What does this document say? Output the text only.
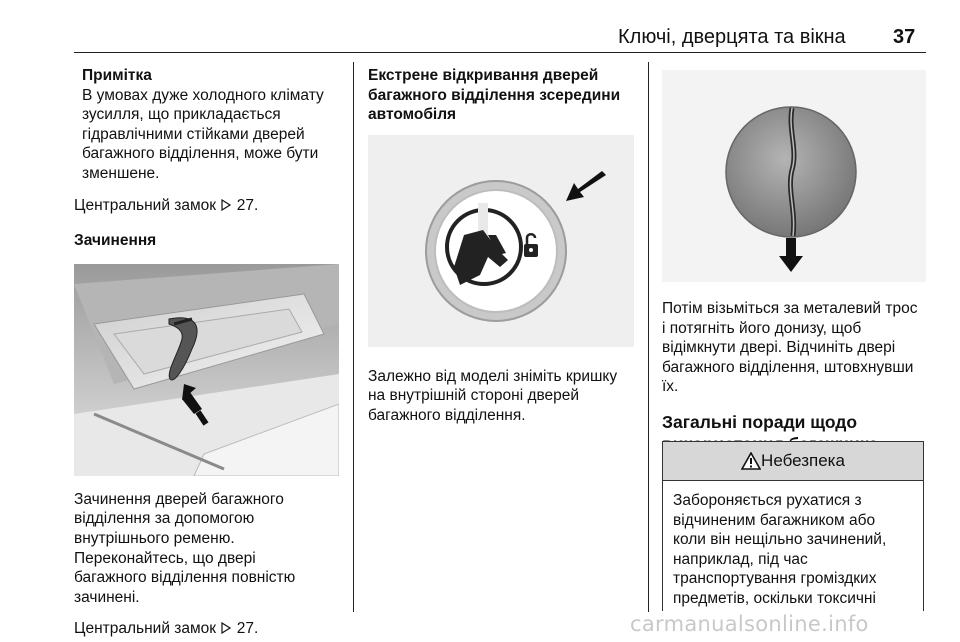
Ключі, дверцята та вікна 37
Примітка

В умовах дуже холодного клімату

зусилля, що прикладається

гідравлічними стійками дверей

багажного відділення, може бути

зменшене.

Центральний замок 27.

Зачинення

Зачинення дверей багажного

відділення за допомогою

внутрішнього ременю.

Переконайтесь, що двері

багажного відділення повністю

зачинені.

Центральний замок 27.

Екстрене відкривання дверей

багажного відділення зсередини

автомобіля

Залежно від моделі зніміть кришку

на внутрішній стороні дверей

багажного відділення.

Потім візьміться за металевий трос

і потягніть його донизу, щоб

відімкнути двері. Відчиніть двері

багажного відділення, штовхнувши

їх.

Загальні поради щодо

Небезпека

Забороняється рухатися з

відчиненим багажником або

коли він нещільно зачинений,

наприклад, під час

транспортування громіздких

предметів, оскільки токсичні

carmanualsonline.info
